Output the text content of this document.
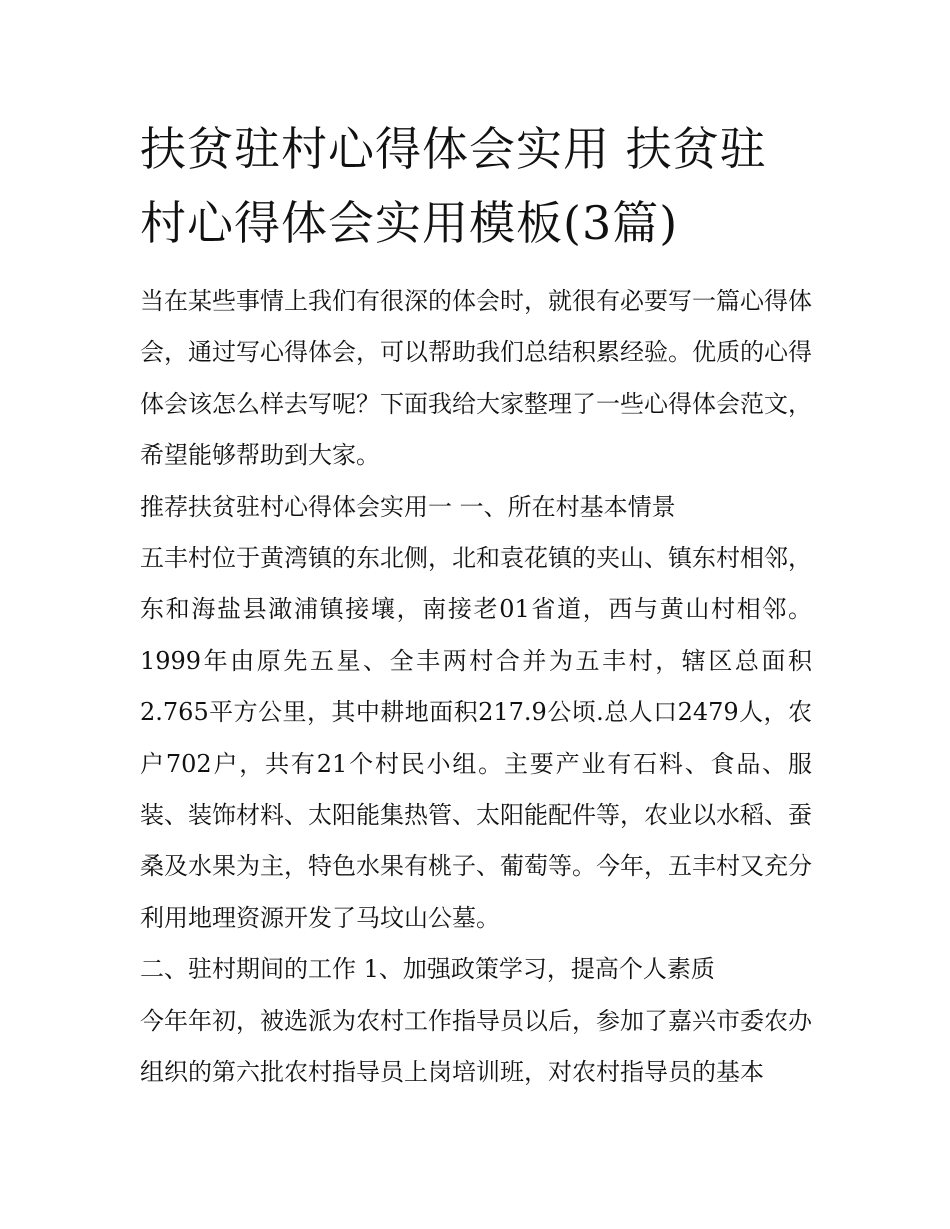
扶贫驻村心得体会实用 扶贫驻村心得体会实用模板(3篇)

当在某些事情上我们有很深的体会时，就很有必要写一篇心得体会，通过写心得体会，可以帮助我们总结积累经验。优质的心得体会该怎么样去写呢？下面我给大家整理了一些心得体会范文，希望能够帮助到大家。

推荐扶贫驻村心得体会实用一 一、所在村基本情景

五丰村位于黄湾镇的东北侧，北和袁花镇的夹山、镇东村相邻，东和海盐县澉浦镇接壤，南接老01省道，西与黄山村相邻。1999年由原先五星、全丰两村合并为五丰村，辖区总面积2.765平方公里，其中耕地面积217.9公顷.总人口2479人，农户702户，共有21个村民小组。主要产业有石料、食品、服装、装饰材料、太阳能集热管、太阳能配件等，农业以水稻、蚕桑及水果为主，特色水果有桃子、葡萄等。今年，五丰村又充分利用地理资源开发了马坟山公墓。

二、驻村期间的工作 1、加强政策学习，提高个人素质

今年年初，被选派为农村工作指导员以后，参加了嘉兴市委农办组织的第六批农村指导员上岗培训班，对农村指导员的基本
